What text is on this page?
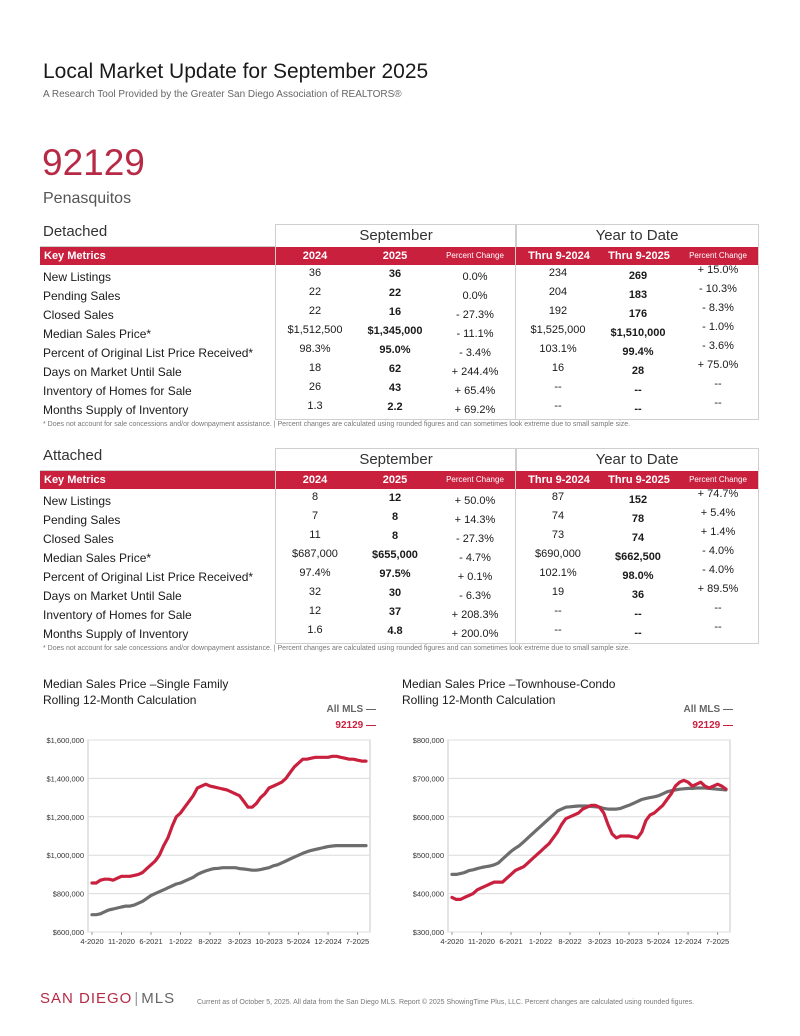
Local Market Update for September 2025
A Research Tool Provided by the Greater San Diego Association of REALTORS®
92129
Penasquitos
Detached	September	Year to Date
Key Metrics	2024	2025	Percent Change	Thru 9-2024	Thru 9-2025	Percent Change
New Listings	36	36	0.0%	234	269	+ 15.0%
Pending Sales	22	22	0.0%	204	183	- 10.3%
Closed Sales	22	16	- 27.3%	192	176	- 8.3%
Median Sales Price*	$1,512,500	$1,345,000	- 11.1%	$1,525,000	$1,510,000	- 1.0%
Percent of Original List Price Received*	98.3%	95.0%	- 3.4%	103.1%	99.4%	- 3.6%
Days on Market Until Sale	18	62	+ 244.4%	16	28	+ 75.0%
Inventory of Homes for Sale	26	43	+ 65.4%	--	--	--
Months Supply of Inventory	1.3	2.2	+ 69.2%	--	--	--
* Does not account for sale concessions and/or downpayment assistance. | Percent changes are calculated using rounded figures and can sometimes look extreme due to small sample size.
Attached	September	Year to Date
Key Metrics	2024	2025	Percent Change	Thru 9-2024	Thru 9-2025	Percent Change
New Listings	8	12	+ 50.0%	87	152	+ 74.7%
Pending Sales	7	8	+ 14.3%	74	78	+ 5.4%
Closed Sales	11	8	- 27.3%	73	74	+ 1.4%
Median Sales Price*	$687,000	$655,000	- 4.7%	$690,000	$662,500	- 4.0%
Percent of Original List Price Received*	97.4%	97.5%	+ 0.1%	102.1%	98.0%	- 4.0%
Days on Market Until Sale	32	30	- 6.3%	19	36	+ 89.5%
Inventory of Homes for Sale	12	37	+ 208.3%	--	--	--
Months Supply of Inventory	1.6	4.8	+ 200.0%	--	--	--
* Does not account for sale concessions and/or downpayment assistance. | Percent changes are calculated using rounded figures and can sometimes look extreme due to small sample size.
Median Sales Price –Single Family
Rolling 12-Month Calculation
All MLS —
92129 —
$600,000
$800,000
$1,000,000
$1,200,000
$1,400,000
$1,600,000
4-2020 11-2020 6-2021 1-2022 8-2022 3-2023 10-2023 5-2024 12-2024 7-2025
Median Sales Price –Townhouse-Condo
Rolling 12-Month Calculation
All MLS —
92129 —
$300,000
$400,000
$500,000
$600,000
$700,000
$800,000
4-2020 11-2020 6-2021 1-2022 8-2022 3-2023 10-2023 5-2024 12-2024 7-2025
SAN DIEGO | MLS	Current as of October 5, 2025. All data from the San Diego MLS. Report © 2025 ShowingTime Plus, LLC. Percent changes are calculated using rounded figures.
